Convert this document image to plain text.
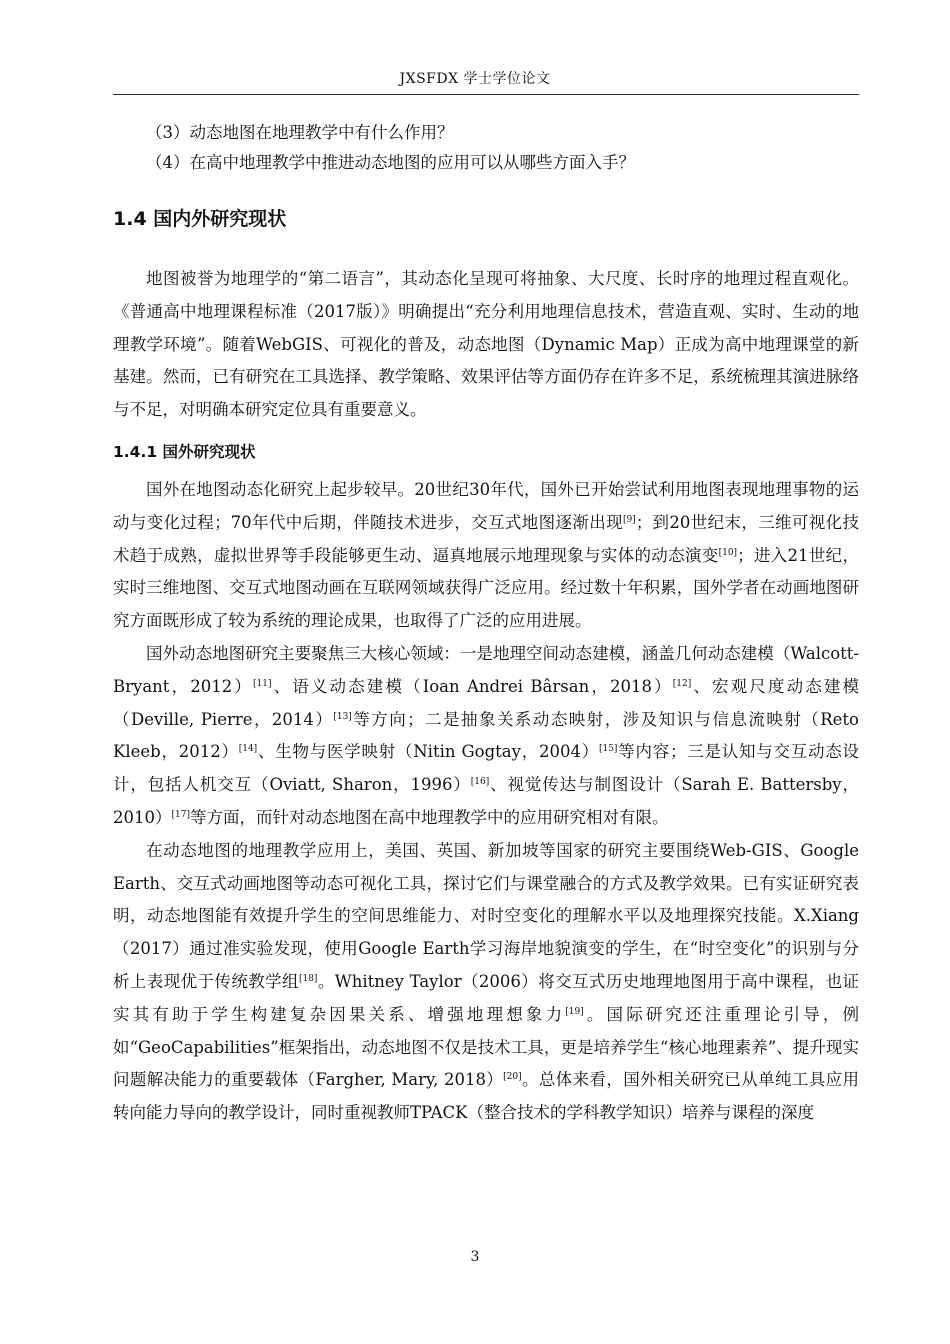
JXSFDX 学士学位论文

（3）动态地图在地理教学中有什么作用？

（4）在高中地理教学中推进动态地图的应用可以从哪些方面入手？

1.4 国内外研究现状

地图被誉为地理学的“第二语言”，其动态化呈现可将抽象、大尺度、长时序的地理过程直观化。《普通高中地理课程标准（2017版）》明确提出“充分利用地理信息技术，营造直观、实时、生动的地理教学环境”。随着WebGIS、可视化的普及，动态地图（Dynamic Map）正成为高中地理课堂的新基建。然而，已有研究在工具选择、教学策略、效果评估等方面仍存在许多不足，系统梳理其演进脉络与不足，对明确本研究定位具有重要意义。

1.4.1 国外研究现状

国外在地图动态化研究上起步较早。20世纪30年代，国外已开始尝试利用地图表现地理事物的运动与变化过程；70年代中后期，伴随技术进步，交互式地图逐渐出现[9]；到20世纪末，三维可视化技术趋于成熟，虚拟世界等手段能够更生动、逼真地展示地理现象与实体的动态演变[10]；进入21世纪，实时三维地图、交互式地图动画在互联网领域获得广泛应用。经过数十年积累，国外学者在动画地图研究方面既形成了较为系统的理论成果，也取得了广泛的应用进展。

国外动态地图研究主要聚焦三大核心领域：一是地理空间动态建模，涵盖几何动态建模（Walcott-Bryant，2012）[11]、语义动态建模（Ioan Andrei Bârsan，2018）[12]、宏观尺度动态建模（Deville, Pierre，2014）[13]等方向；二是抽象关系动态映射，涉及知识与信息流映射（Reto Kleeb，2012）[14]、生物与医学映射（Nitin Gogtay，2004）[15]等内容；三是认知与交互动态设计，包括人机交互（Oviatt, Sharon，1996）[16]、视觉传达与制图设计（Sarah E. Battersby，2010）[17]等方面，而针对动态地图在高中地理教学中的应用研究相对有限。

在动态地图的地理教学应用上，美国、英国、新加坡等国家的研究主要围绕Web-GIS、Google Earth、交互式动画地图等动态可视化工具，探讨它们与课堂融合的方式及教学效果。已有实证研究表明，动态地图能有效提升学生的空间思维能力、对时空变化的理解水平以及地理探究技能。X.Xiang（2017）通过准实验发现，使用Google Earth学习海岸地貌演变的学生，在“时空变化”的识别与分析上表现优于传统教学组[18]。Whitney Taylor（2006）将交互式历史地理地图用于高中课程，也证实其有助于学生构建复杂因果关系、增强地理想象力[19]。国际研究还注重理论引导，例如“GeoCapabilities”框架指出，动态地图不仅是技术工具，更是培养学生“核心地理素养”、提升现实问题解决能力的重要载体（Fargher, Mary, 2018）[20]。总体来看，国外相关研究已从单纯工具应用转向能力导向的教学设计，同时重视教师TPACK（整合技术的学科教学知识）培养与课程的深度

3
